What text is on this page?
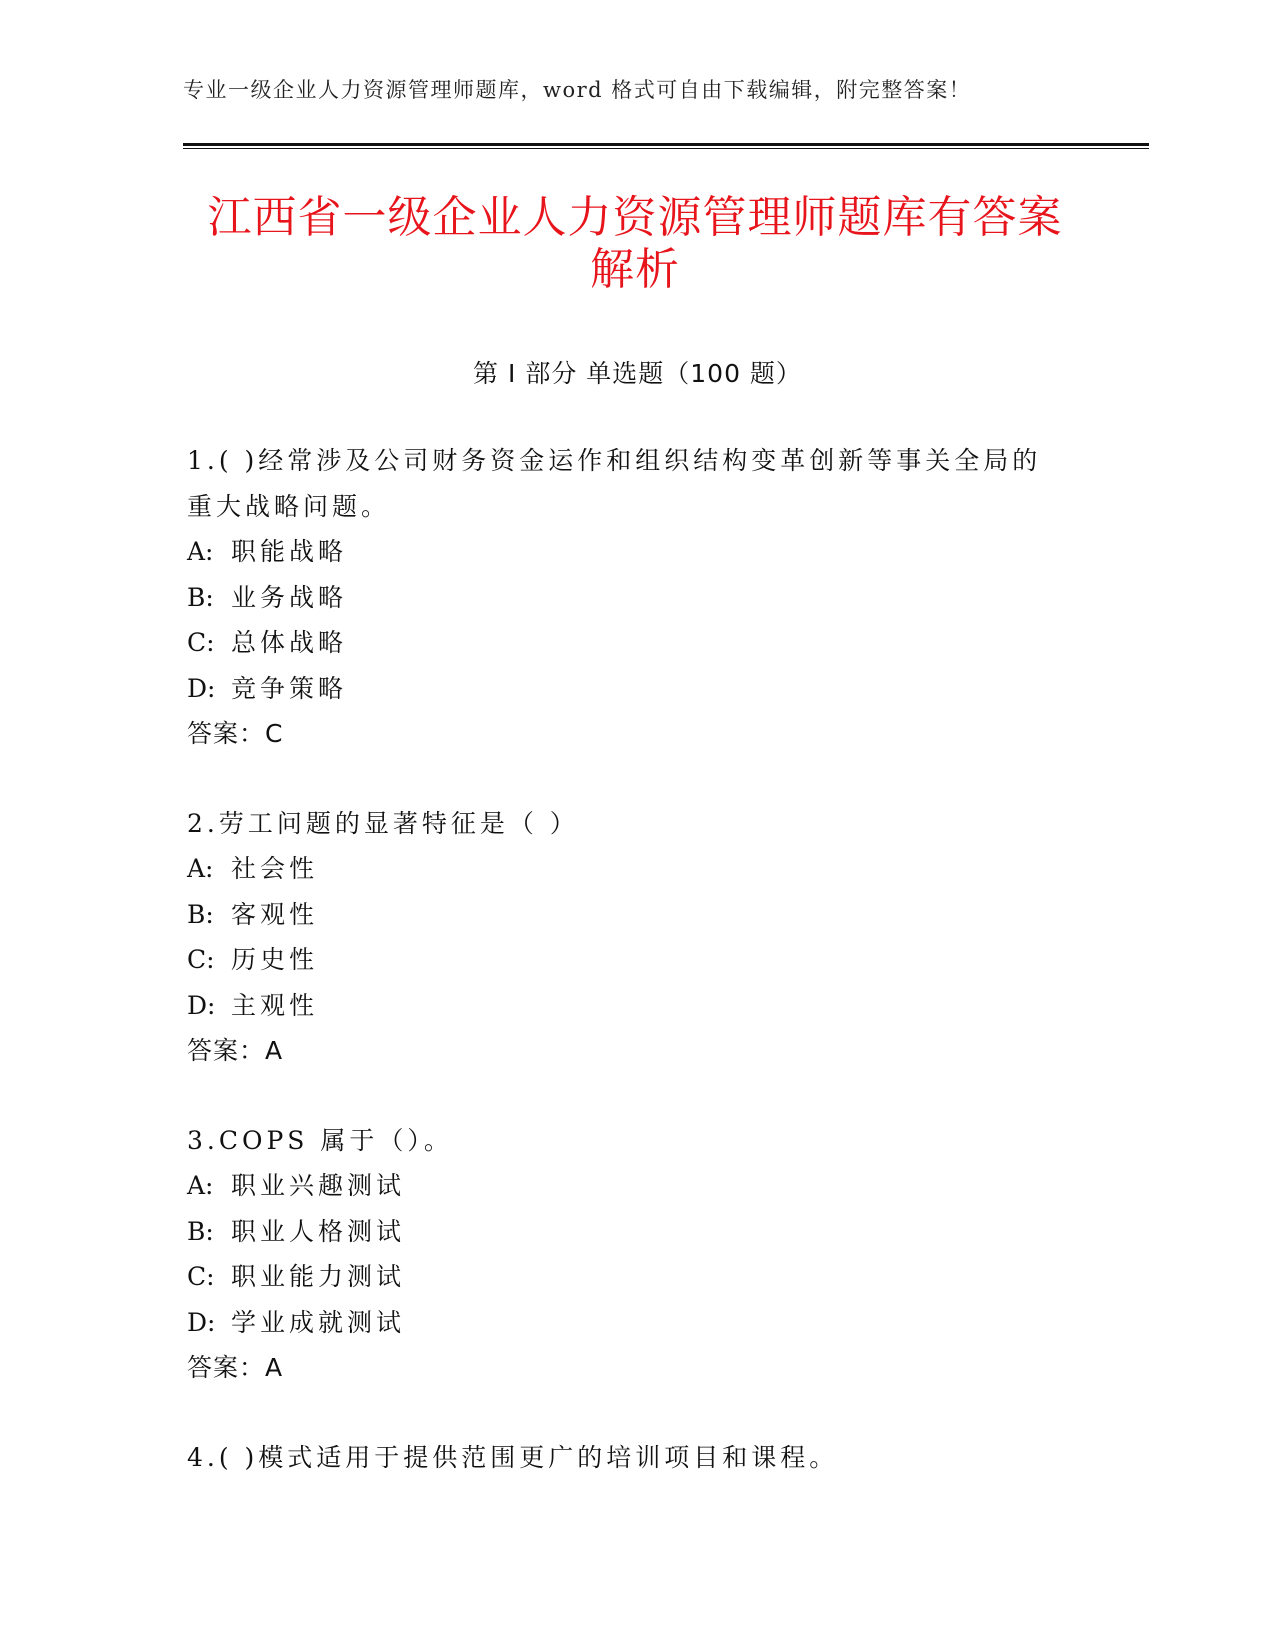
专业一级企业人力资源管理师题库，word 格式可自由下载编辑，附完整答案！
江西省一级企业人力资源管理师题库有答案
解析
第 I 部分 单选题（100 题）
1.( )经常涉及公司财务资金运作和组织结构变革创新等事关全局的重大战略问题。
A: 职能战略
B: 业务战略
C: 总体战略
D: 竞争策略
答案：C
2.劳工问题的显著特征是（ ）
A: 社会性
B: 客观性
C: 历史性
D: 主观性
答案：A
3.COPS 属于（）。
A: 职业兴趣测试
B: 职业人格测试
C: 职业能力测试
D: 学业成就测试
答案：A
4.( )模式适用于提供范围更广的培训项目和课程。
